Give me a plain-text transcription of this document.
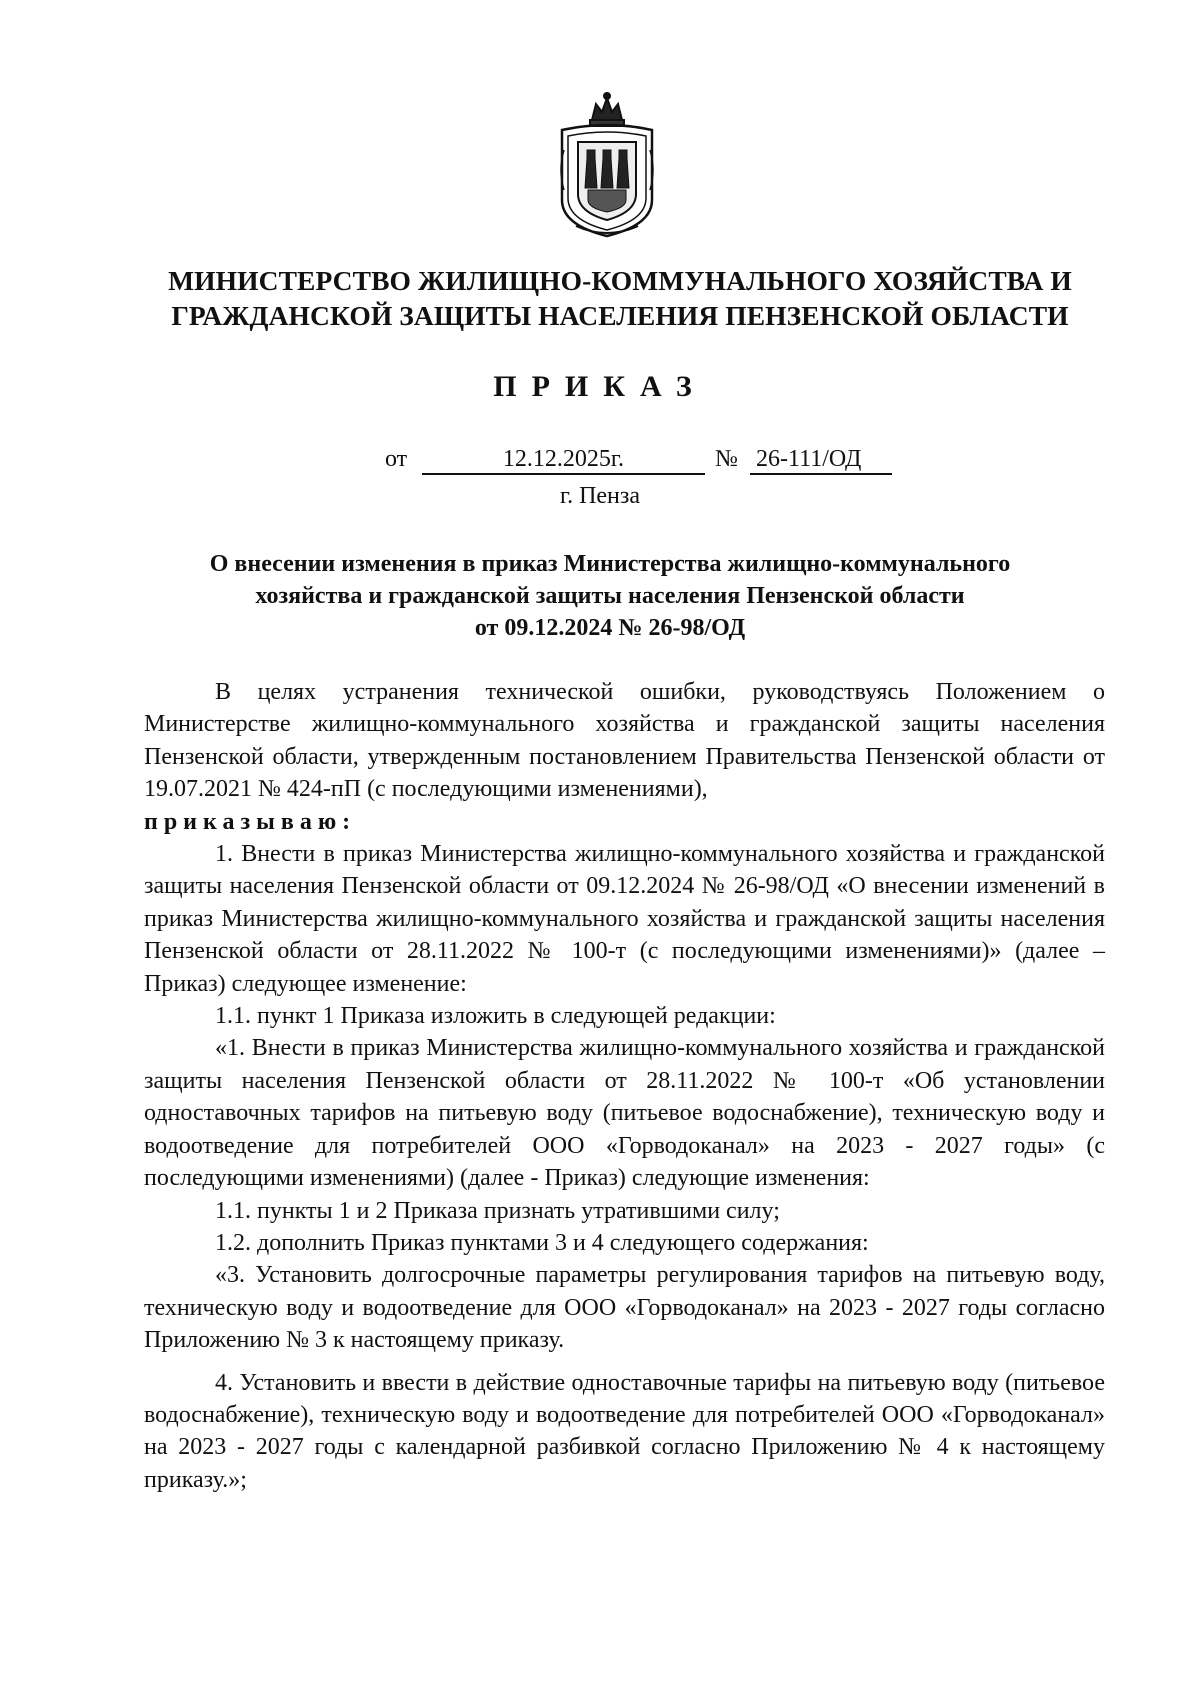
МИНИСТЕРСТВО ЖИЛИЩНО-КОММУНАЛЬНОГО ХОЗЯЙСТВА И
ГРАЖДАНСКОЙ ЗАЩИТЫ НАСЕЛЕНИЯ ПЕНЗЕНСКОЙ ОБЛАСТИ
ПРИКАЗ
от	12.12.2025г.	№ 26-111/ОД
г. Пенза
О внесении изменения в приказ Министерства жилищно-коммунального
хозяйства и гражданской защиты населения Пензенской области
от 09.12.2024 № 26-98/ОД

В целях устранения технической ошибки, руководствуясь Положением о Министерстве жилищно-коммунального хозяйства и гражданской защиты населения Пензенской области, утвержденным постановлением Правительства Пензенской области от 19.07.2021 № 424-пП (с последующими изменениями),

приказываю:

1. Внести в приказ Министерства жилищно-коммунального хозяйства и гражданской защиты населения Пензенской области от 09.12.2024 № 26-98/ОД «О внесении изменений в приказ Министерства жилищно-коммунального хозяйства и гражданской защиты населения Пензенской области от 28.11.2022 № 100-т (с последующими изменениями)» (далее – Приказ) следующее изменение:

1.1. пункт 1 Приказа изложить в следующей редакции:

«1. Внести в приказ Министерства жилищно-коммунального хозяйства и гражданской защиты населения Пензенской области от 28.11.2022 № 100-т «Об установлении одноставочных тарифов на питьевую воду (питьевое водоснабжение), техническую воду и водоотведение для потребителей ООО «Горводоканал» на 2023 - 2027 годы» (с последующими изменениями) (далее - Приказ) следующие изменения:

1.1. пункты 1 и 2 Приказа признать утратившими силу;

1.2. дополнить Приказ пунктами 3 и 4 следующего содержания:

«3. Установить долгосрочные параметры регулирования тарифов на питьевую воду, техническую воду и водоотведение для ООО «Горводоканал» на 2023 - 2027 годы согласно Приложению № 3 к настоящему приказу.

4. Установить и ввести в действие одноставочные тарифы на питьевую воду (питьевое водоснабжение), техническую воду и водоотведение для потребителей ООО «Горводоканал» на 2023 - 2027 годы с календарной разбивкой согласно Приложению № 4 к настоящему приказу.»;
